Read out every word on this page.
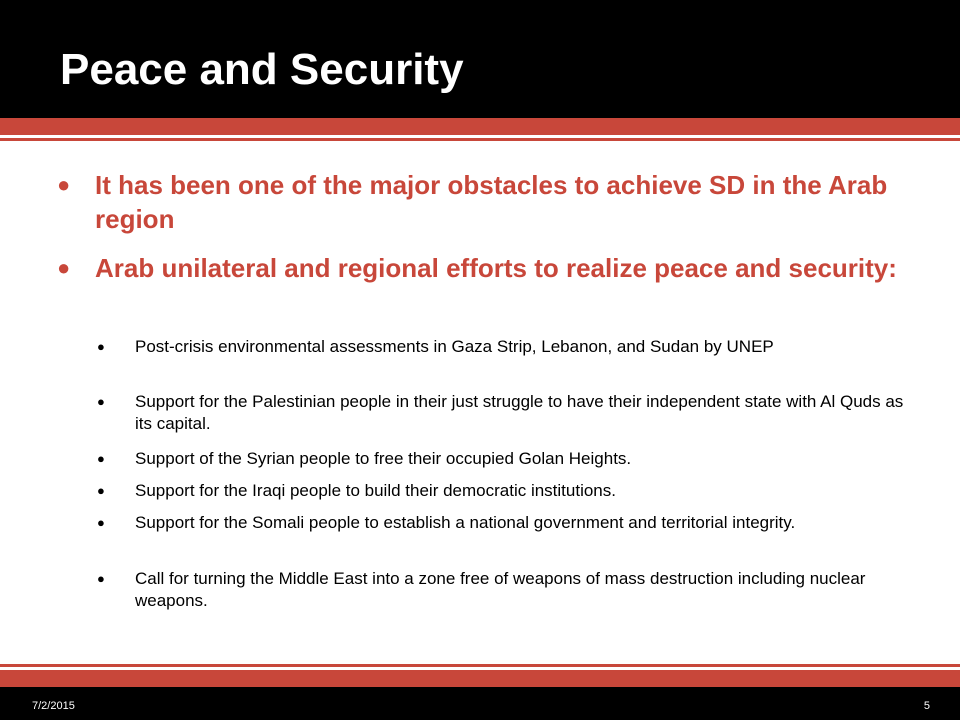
Peace and Security
● It has been one of the major obstacles to achieve SD in the Arab region
● Arab unilateral and regional efforts to realize peace and security:
● Post-crisis environmental assessments in Gaza Strip, Lebanon, and Sudan by UNEP
● Support for the Palestinian people in their just struggle to have their independent state with Al Quds as its capital.
● Support of the Syrian people to free their occupied Golan Heights.
● Support for the Iraqi people to build their democratic institutions.
● Support for the Somali people to establish a national government and territorial integrity.
● Call for turning the Middle East into a zone free of weapons of mass destruction including nuclear weapons.
7/2/2015	5
